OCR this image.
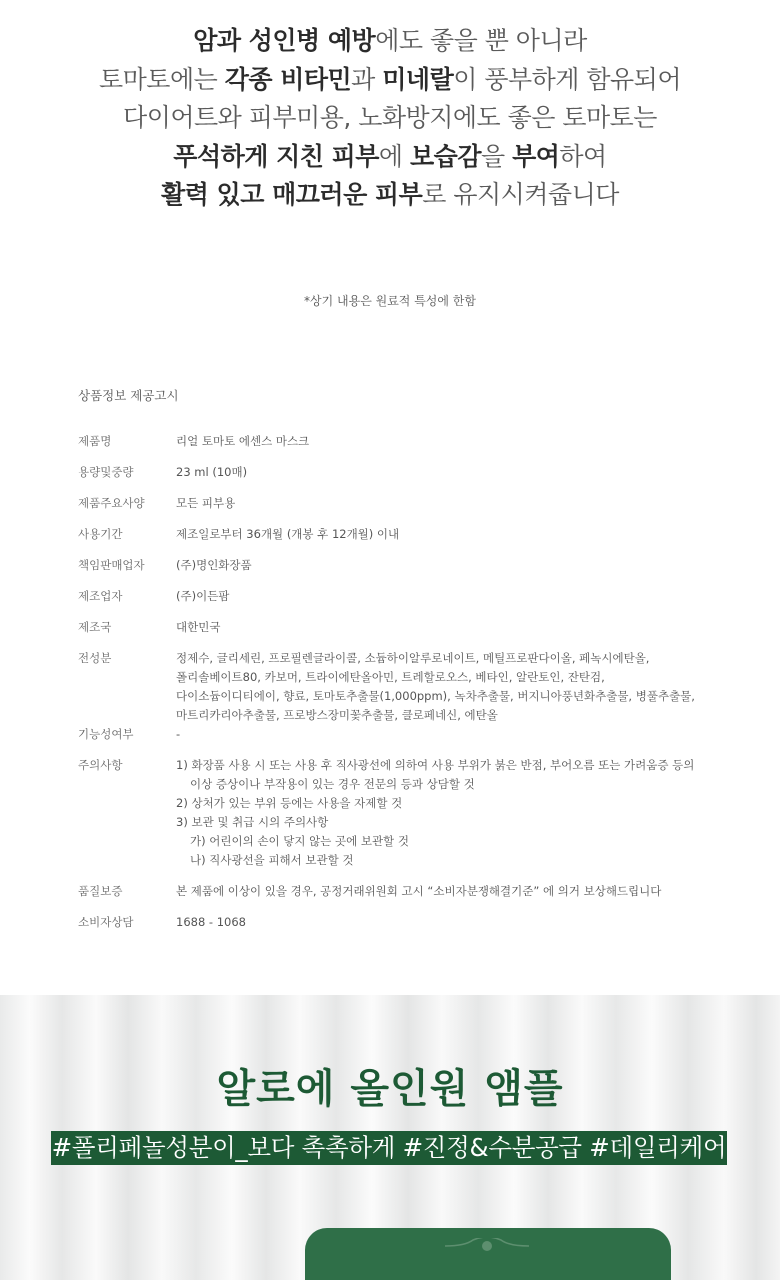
암과 성인병 예방에도 좋을 뿐 아니라
토마토에는 각종 비타민과 미네랄이 풍부하게 함유되어
다이어트와 피부미용, 노화방지에도 좋은 토마토는
푸석하게 지친 피부에 보습감을 부여하여
활력 있고 매끄러운 피부로 유지시켜줍니다
*상기 내용은 원료적 특성에 한함
상품정보 제공고시
제품명	리얼 토마토 에센스 마스크
용량및중량	23 ml (10매)
제품주요사양	모든 피부용
사용기간	제조일로부터 36개월 (개봉 후 12개월) 이내
책임판매업자	(주)명인화장품
제조업자	(주)이든팜
제조국	대한민국
전성분	정제수, 글리세린, 프로필렌글라이콜, 소듐하이알루로네이트, 메틸프로판다이올, 페녹시에탄올,
폴리솔베이트80, 카보머, 트라이에탄올아민, 트레할로오스, 베타인, 알란토인, 잔탄검,
다이소듐이디티에이, 향료, 토마토추출물(1,000ppm), 녹차추출물, 버지니아풍년화추출물, 병풀추출물,
마트리카리아추출물, 프로방스장미꽃추출물, 클로페네신, 에탄올
기능성여부	-
주의사항	1) 화장품 사용 시 또는 사용 후 직사광선에 의하여 사용 부위가 붉은 반점, 부어오름 또는 가려움증 등의
이상 증상이나 부작용이 있는 경우 전문의 등과 상담할 것
2) 상처가 있는 부위 등에는 사용을 자제할 것
3) 보관 및 취급 시의 주의사항
가) 어린이의 손이 닿지 않는 곳에 보관할 것
나) 직사광선을 피해서 보관할 것
품질보증	본 제품에 이상이 있을 경우, 공정거래위원회 고시 “소비자분쟁해결기준” 에 의거 보상해드립니다
소비자상담	1688 - 1068
알로에 올인원 앰플
#폴리페놀성분이_보다 촉촉하게 #진정&수분공급 #데일리케어
